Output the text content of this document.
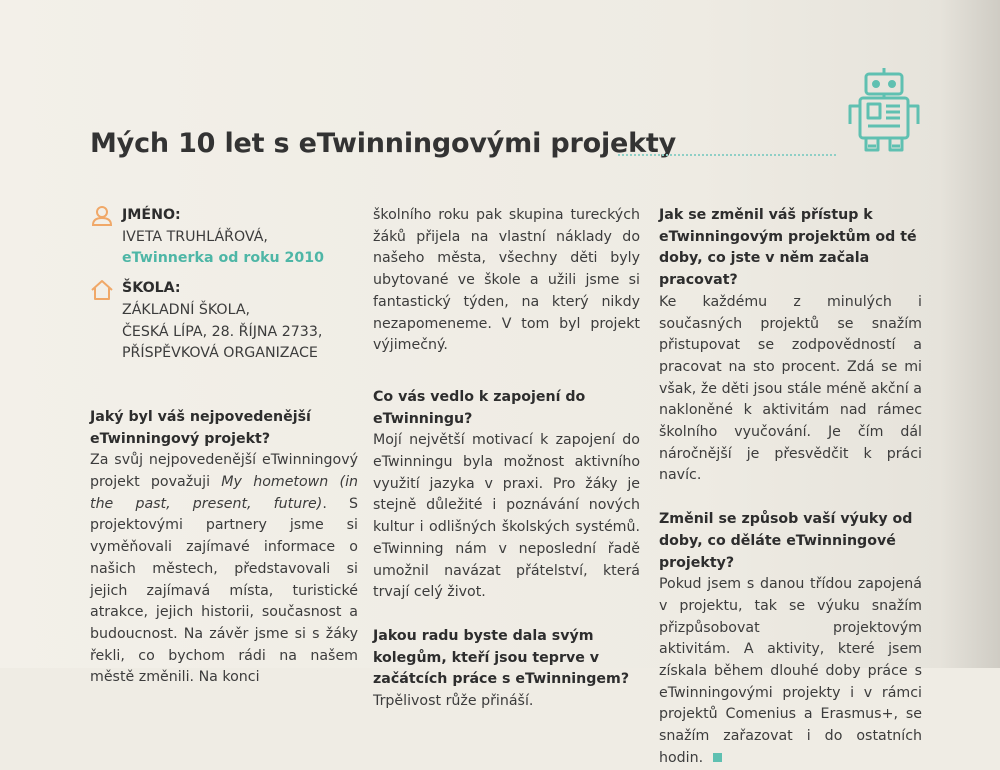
Mých 10 let s eTwinningovými projekty
JMÉNO:
IVETA TRUHLÁŘOVÁ,
eTwinnerka od roku 2010
ŠKOLA:
ZÁKLADNÍ ŠKOLA,
ČESKÁ LÍPA, 28. ŘÍJNA 2733,
PŘÍSPĚVKOVÁ ORGANIZACE
Jaký byl váš nejpovedenější eTwinningový projekt?

Za svůj nejpovedenější eTwinningový projekt považuji My hometown (in the past, present, future). S projektovými partnery jsme si vyměňovali zajímavé informace o našich městech, představovali si jejich zajímavá místa, turistické atrakce, jejich historii, současnost a budoucnost. Na závěr jsme si s žáky řekli, co bychom rádi na našem městě změnili. Na konci

školního roku pak skupina tureckých žáků přijela na vlastní náklady do našeho města, všechny děti byly ubytované ve škole a užili jsme si fantastický týden, na který nikdy nezapomeneme. V tom byl projekt výjimečný.

Co vás vedlo k zapojení do eTwinningu?

Mojí největší motivací k zapojení do eTwinningu byla možnost aktivního využití jazyka v praxi. Pro žáky je stejně důležité i poznávání nových kultur i odlišných školských systémů. eTwinning nám v neposlední řadě umožnil navázat přátelství, která trvají celý život.

Jakou radu byste dala svým kolegům, kteří jsou teprve v začátcích práce s eTwinningem?

Trpělivost růže přináší.

Jak se změnil váš přístup k eTwinningovým projektům od té doby, co jste v něm začala pracovat?

Ke každému z minulých i současných projektů se snažím přistupovat se zodpovědností a pracovat na sto procent. Zdá se mi však, že děti jsou stále méně akční a nakloněné k aktivitám nad rámec školního vyučování. Je čím dál náročnější je přesvědčit k práci navíc.

Změnil se způsob vaší výuky od doby, co děláte eTwinningové projekty?

Pokud jsem s danou třídou zapojená v projektu, tak se výuku snažím přizpůsobovat projektovým aktivitám. A aktivity, které jsem získala během dlouhé doby práce s eTwinningovými projekty i v rámci projektů Comenius a Erasmus+, se snažím zařazovat i do ostatních hodin.
